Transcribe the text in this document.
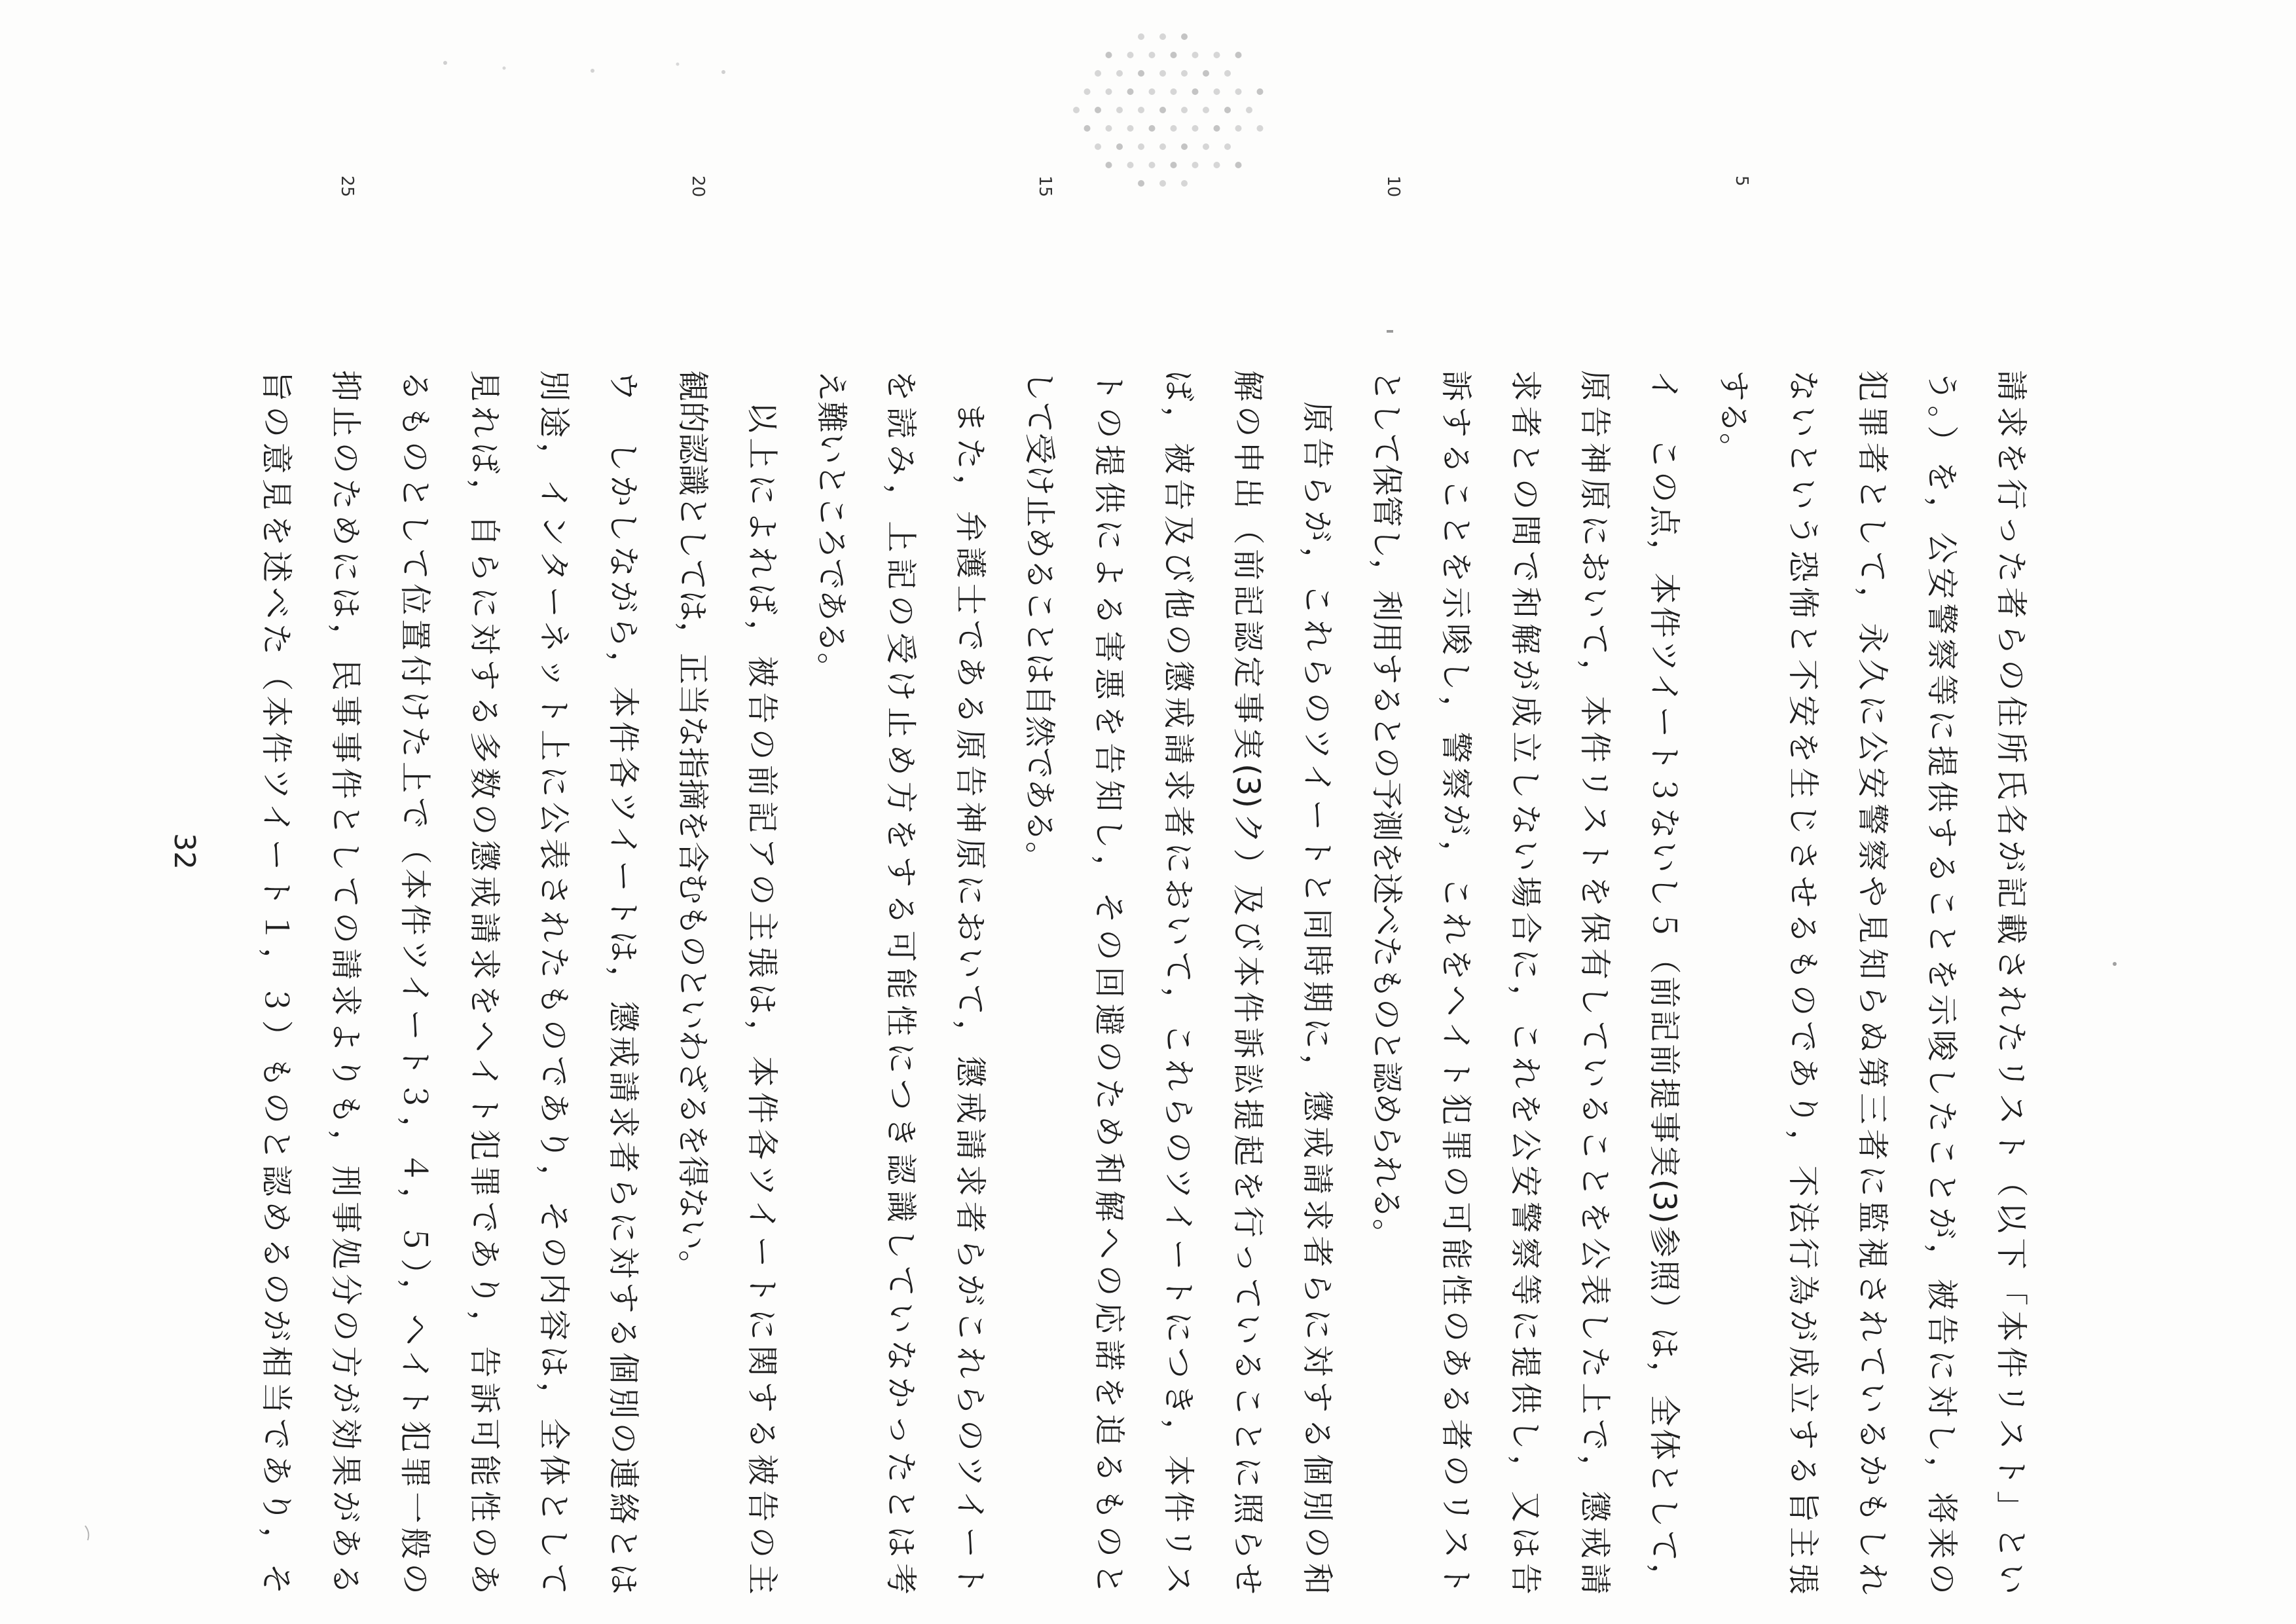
5
10
15
20
25
請求を行った者らの住所氏名が記載されたリスト（以下「本件リスト」とい
う。）を，公安警察等に提供することを示唆したことが，被告に対し，将来の
犯罪者として，永久に公安警察や見知らぬ第三者に監視されているかもしれ
ないという恐怖と不安を生じさせるものであり，不法行為が成立する旨主張
する。
イ　この点，本件ツイート３ないし５（前記前提事実(3)参照）は，全体として，
原告神原において，本件リストを保有していることを公表した上で，懲戒請
求者との間で和解が成立しない場合に，これを公安警察等に提供し，又は告
訴することを示唆し，警察が，これをヘイト犯罪の可能性のある者のリスト
として保管し，利用するとの予測を述べたものと認められる。
原告らが，これらのツイートと同時期に，懲戒請求者らに対する個別の和
解の申出（前記認定事実(3)ク）及び本件訴訟提起を行っていることに照らせ
ば，被告及び他の懲戒請求者において，これらのツイートにつき，本件リス
トの提供による害悪を告知し，その回避のため和解への応諾を迫るものと
して受け止めることは自然である。
また，弁護士である原告神原において，懲戒請求者らがこれらのツイート
を読み，上記の受け止め方をする可能性につき認識していなかったとは考
え難いところである。
以上によれば，被告の前記アの主張は，本件各ツイートに関する被告の主
観的認識としては，正当な指摘を含むものといわざるを得ない。
ウ　しかしながら，本件各ツイートは，懲戒請求者らに対する個別の連絡とは
別途，インターネット上に公表されたものであり，その内容は，全体として
見れば，自らに対する多数の懲戒請求をヘイト犯罪であり，告訴可能性のあ
るものとして位置付けた上で（本件ツイート３，４，５），ヘイト犯罪一般の
抑止のためには，民事事件としての請求よりも，刑事処分の方が効果がある
旨の意見を述べた（本件ツイート１，３）ものと認めるのが相当であり，そ
32
